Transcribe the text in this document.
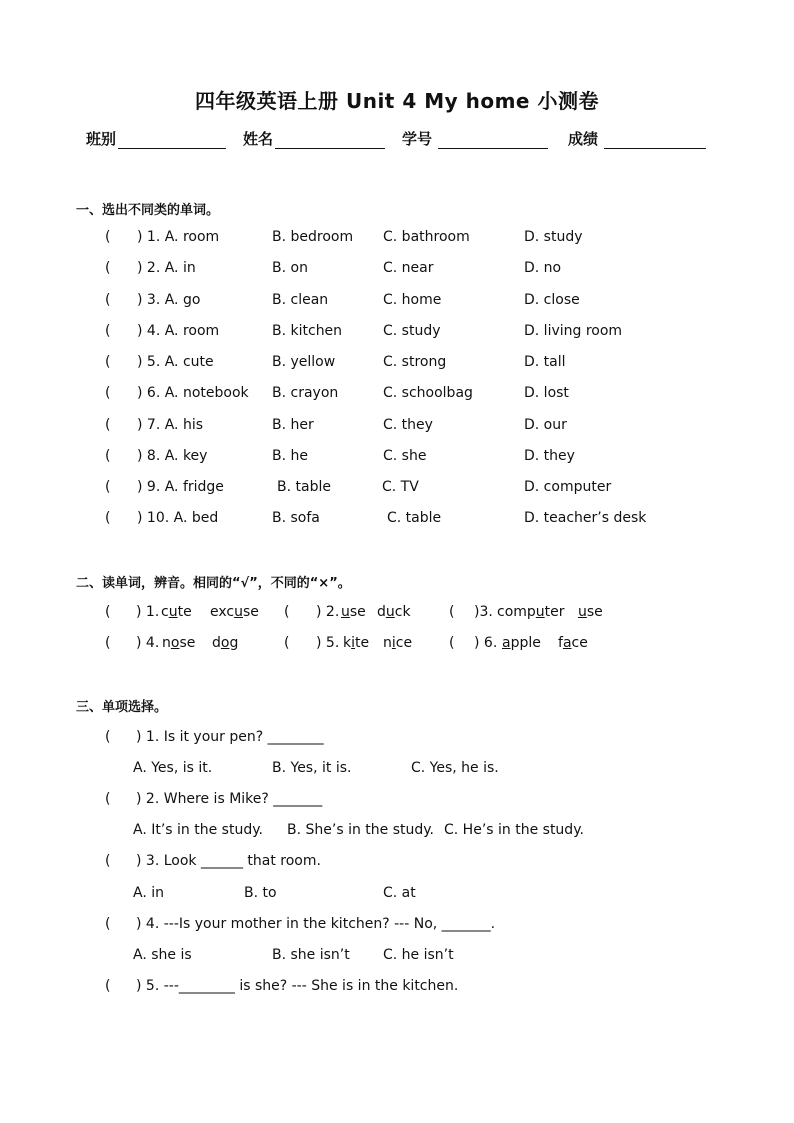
四年级英语上册 Unit 4 My home 小测卷
班别	姓名	学号	成绩
一、选出不同类的单词。
( ) 1. A. room	B. bedroom C. bathroom	D. study
( ) 2. A. in	B. on	C. near	D. no
( ) 3. A. go	B. clean	C. home	D. close
( ) 4. A. room	B. kitchen	C. study	D. living room
( ) 5. A. cute	B. yellow	C. strong	D. tall
( ) 6. A. notebook B. crayon	C. schoolbag	D. lost
( ) 7. A. his	B. her	C. they	D. our
( ) 8. A. key	B. he	C. she	D. they
( ) 9. A. fridge	B. table	C. TV	D. computer
( ) 10. A. bed	B. sofa	C. table	D. teacher’s desk
二、读单词，辨音。相同的“√”，不同的“×”。
( ) 1. cute excuse ( ) 2. use duck	( )3. computer use
( ) 4. nose dog	( ) 5. kite nice	( ) 6. apple face
三、单项选择。
( ) 1. Is it your pen? ________
A. Yes, is it.	B. Yes, it is.	C. Yes, he is.
( ) 2. Where is Mike? _______
A. It’s in the study. B. She’s in the study. C. He’s in the study.
( ) 3. Look ______ that room.
A. in	B. to	C. at
( ) 4. ---Is your mother in the kitchen? --- No, _______.
A. she is	B. she isn’t C. he isn’t
( ) 5. ---________ is she? --- She is in the kitchen.
